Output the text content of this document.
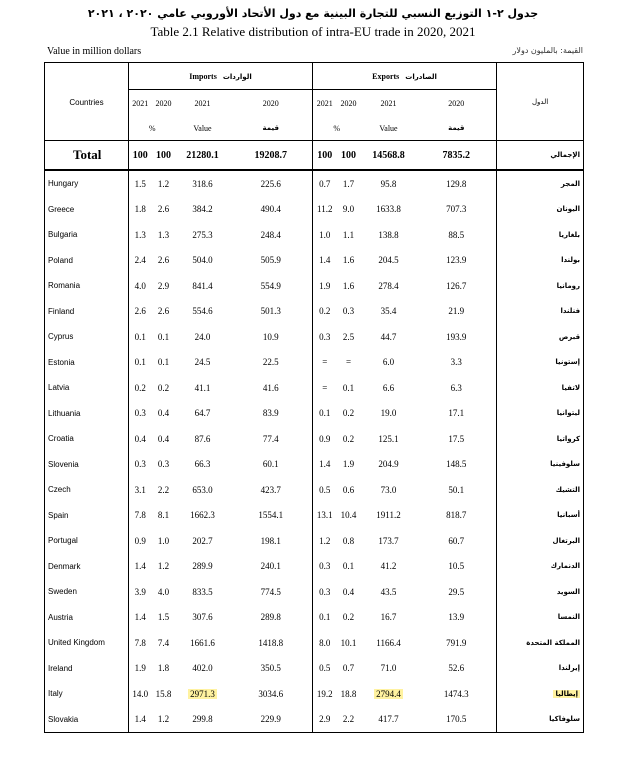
جدول ٢-١ التوزيع النسبي للتجارة البينية مع دول الأتحاد الأوروبي عامي ٢٠٢٠ ، ٢٠٢١
Table 2.1 Relative distribution of intra-EU trade in 2020, 2021
Value in million dollars	القيمة: بالمليون دولار
Countries	Imports الواردات				Exports الصادرات				الدول
	2021	2020	2021	2020	2021	2020	2021	2020	
	%		Value	قيمة	%		Value	قيمة	
Total	100	100	21280.1	19208.7	100	100	14568.8	7835.2	الإجمالي
Hungary	1.5	1.2	318.6	225.6	0.7	1.7	95.8	129.8	المجر
Greece	1.8	2.6	384.2	490.4	11.2	9.0	1633.8	707.3	اليونان
Bulgaria	1.3	1.3	275.3	248.4	1.0	1.1	138.8	88.5	بلغاريا
Poland	2.4	2.6	504.0	505.9	1.4	1.6	204.5	123.9	بولندا
Romania	4.0	2.9	841.4	554.9	1.9	1.6	278.4	126.7	رومانيا
Finland	2.6	2.6	554.6	501.3	0.2	0.3	35.4	21.9	فنلندا
Cyprus	0.1	0.1	24.0	10.9	0.3	2.5	44.7	193.9	قبرص
Estonia	0.1	0.1	24.5	22.5	=	=	6.0	3.3	إستونيا
Latvia	0.2	0.2	41.1	41.6	=	0.1	6.6	6.3	لاتفيا
Lithuania	0.3	0.4	64.7	83.9	0.1	0.2	19.0	17.1	ليتوانيا
Croatia	0.4	0.4	87.6	77.4	0.9	0.2	125.1	17.5	كرواتيا
Slovenia	0.3	0.3	66.3	60.1	1.4	1.9	204.9	148.5	سلوفينيا
Czech	3.1	2.2	653.0	423.7	0.5	0.6	73.0	50.1	التشيك
Spain	7.8	8.1	1662.3	1554.1	13.1	10.4	1911.2	818.7	أسبانيا
Portugal	0.9	1.0	202.7	198.1	1.2	0.8	173.7	60.7	البرتغال
Denmark	1.4	1.2	289.9	240.1	0.3	0.1	41.2	10.5	الدنمارك
Sweden	3.9	4.0	833.5	774.5	0.3	0.4	43.5	29.5	السويد
Austria	1.4	1.5	307.6	289.8	0.1	0.2	16.7	13.9	النمسا
United Kingdom	7.8	7.4	1661.6	1418.8	8.0	10.1	1166.4	791.9	المملكة المتحدة
Ireland	1.9	1.8	402.0	350.5	0.5	0.7	71.0	52.6	إيرلندا
Italy	14.0	15.8	2971.3	3034.6	19.2	18.8	2794.4	1474.3	إيطاليا
Slovakia	1.4	1.2	299.8	229.9	2.9	2.2	417.7	170.5	سلوفاكيا
